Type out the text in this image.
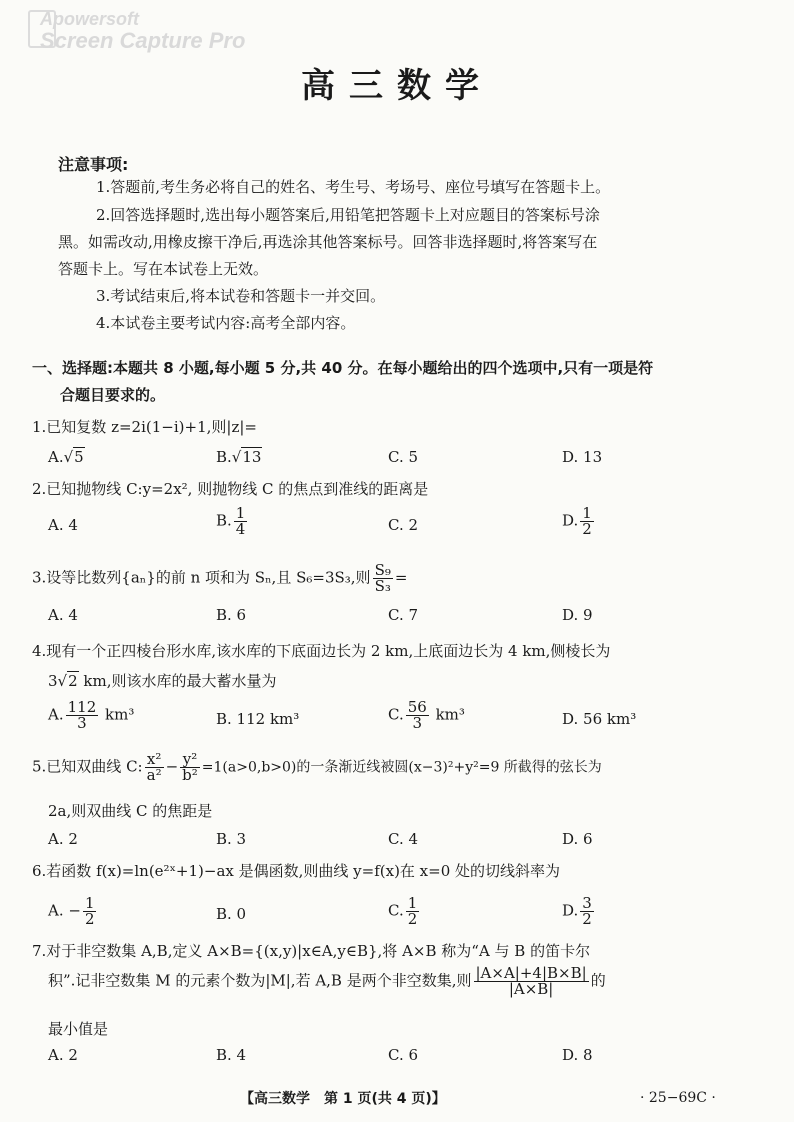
Apowersoft
Screen Capture Pro
高三数学
注意事项:
1.答题前,考生务必将自己的姓名、考生号、考场号、座位号填写在答题卡上。
2.回答选择题时,选出每小题答案后,用铅笔把答题卡上对应题目的答案标号涂
黑。如需改动,用橡皮擦干净后,再选涂其他答案标号。回答非选择题时,将答案写在
答题卡上。写在本试卷上无效。
3.考试结束后,将本试卷和答题卡一并交回。
4.本试卷主要考试内容:高考全部内容。
一、选择题:本题共 8 小题,每小题 5 分,共 40 分。在每小题给出的四个选项中,只有一项是符
合题目要求的。
1.已知复数 z=2i(1−i)+1,则|z|=
A.√5	B.√13	C. 5	D. 13
2.已知抛物线 C:y=2x², 则抛物线 C 的焦点到准线的距离是
A. 4	B. $\frac{1}{4}$	C. 2	D. $\frac{1}{2}$
3.设等比数列{aₙ}的前 n 项和为 Sₙ,且 S₆=3S₃,则 $\frac{\text{S₉}}{\text{S₃}}$ =
A. 4	B. 6	C. 7	D. 9
4.现有一个正四棱台形水库,该水库的下底面边长为 2 km,上底面边长为 4 km,侧棱长为
3√2 km,则该水库的最大蓄水量为
A. $\frac{112}{3} km^3$	B. 112 km³	C. $\frac{56}{3} km^3$	D. 56 km³
5.已知双曲线 C: $\frac{\text{x²}}{\text{a²}} - \frac{\text{y²}}{\text{b²}} =1(a>0,b>0)$的一条渐近线被圆(x−3)²+y²=9 所截得的弦长为
2a,则双曲线 C 的焦距是
A. 2	B. 3	C. 4	D. 6
6.若函数 f(x)=ln(e²ˣ+1)−ax 是偶函数,则曲线 y=f(x)在 x=0 处的切线斜率为
A. − $\frac{1}{2}$	B. 0	C. $\frac{1}{2}$	D. $\frac{3}{2}$
7.对于非空数集 A,B,定义 A×B={(x,y)|x∈A,y∈B},将 A×B 称为“A 与 B 的笛卡尔
积”.记非空数集 M 的元素个数为|M|,若 A,B 是两个非空数集,则 $\frac{|A\times A|+4|B\times B|}{|A\times B|}$ 的
最小值是
A. 2	B. 4	C. 6	D. 8
【高三数学　第 1 页(共 4 页)】	· 25−69C ·
